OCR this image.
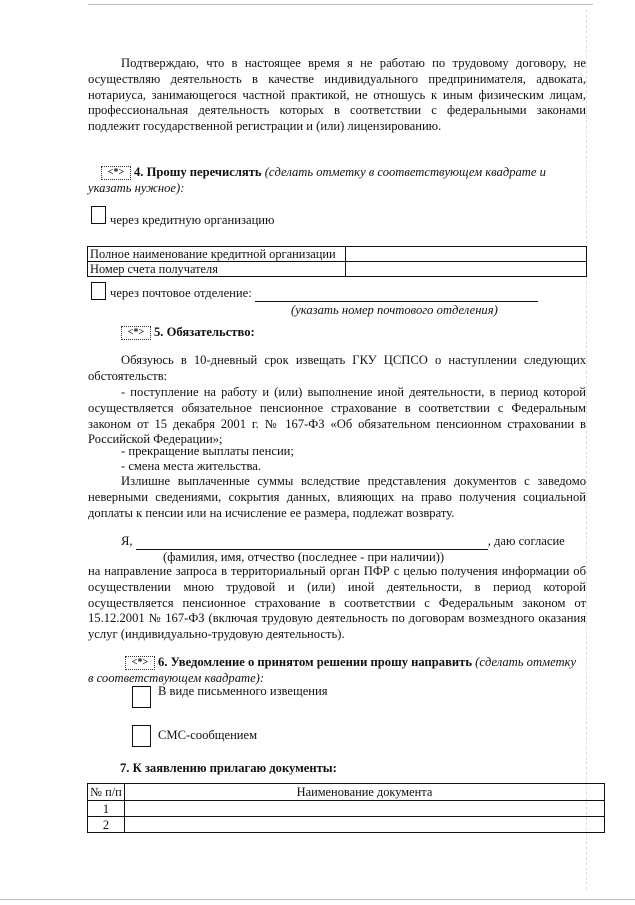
Подтверждаю, что в настоящее время я не работаю по трудовому договору, не осуществляю деятельность в качестве индивидуального предпринимателя, адвоката, нотариуса, занимающегося частной практикой, не отношусь к иным физическим лицам, профессиональная деятельность которых в соответствии с федеральными законами подлежит государственной регистрации и (или) лицензированию.

<*> 4. Прошу перечислять (сделать отметку в соответствующем квадрате и
указать нужное):
через кредитную организацию
Полное наименование кредитной организации	
Номер счета получателя	
через почтовое отделение:
(указать номер почтового отделения)
<*> 5. Обязательство:

Обязуюсь в 10-дневный срок извещать ГКУ ЦСПСО о наступлении следующих обстоятельств:

- поступление на работу и (или) выполнение иной деятельности, в период которой осуществляется обязательное пенсионное страхование в соответствии с Федеральным законом от 15 декабря 2001 г. № 167-ФЗ «Об обязательном пенсионном страховании в Российской Федерации»;

- прекращение выплаты пенсии;
- смена места жительства.

Излишне выплаченные суммы вследствие представления документов с заведомо неверными сведениями, сокрытия данных, влияющих на право получения социальной доплаты к пенсии или на исчисление ее размера, подлежат возврату.

Я,	, даю согласие
(фамилия, имя, отчество (последнее - при наличии))

на направление запроса в территориальный орган ПФР с целью получения информации об осуществлении мною трудовой и (или) иной деятельности, в период которой осуществляется пенсионное страхование в соответствии с Федеральным законом от 15.12.2001 № 167-ФЗ (включая трудовую деятельность по договорам возмездного оказания услуг (индивидуально-трудовую деятельность).

<*> 6. Уведомление о принятом решении прошу направить (сделать отметку
в соответствующем квадрате):
В виде письменного извещения
СМС-сообщением
7. К заявлению прилагаю документы:
№ п/п	Наименование документа
1	
2	
